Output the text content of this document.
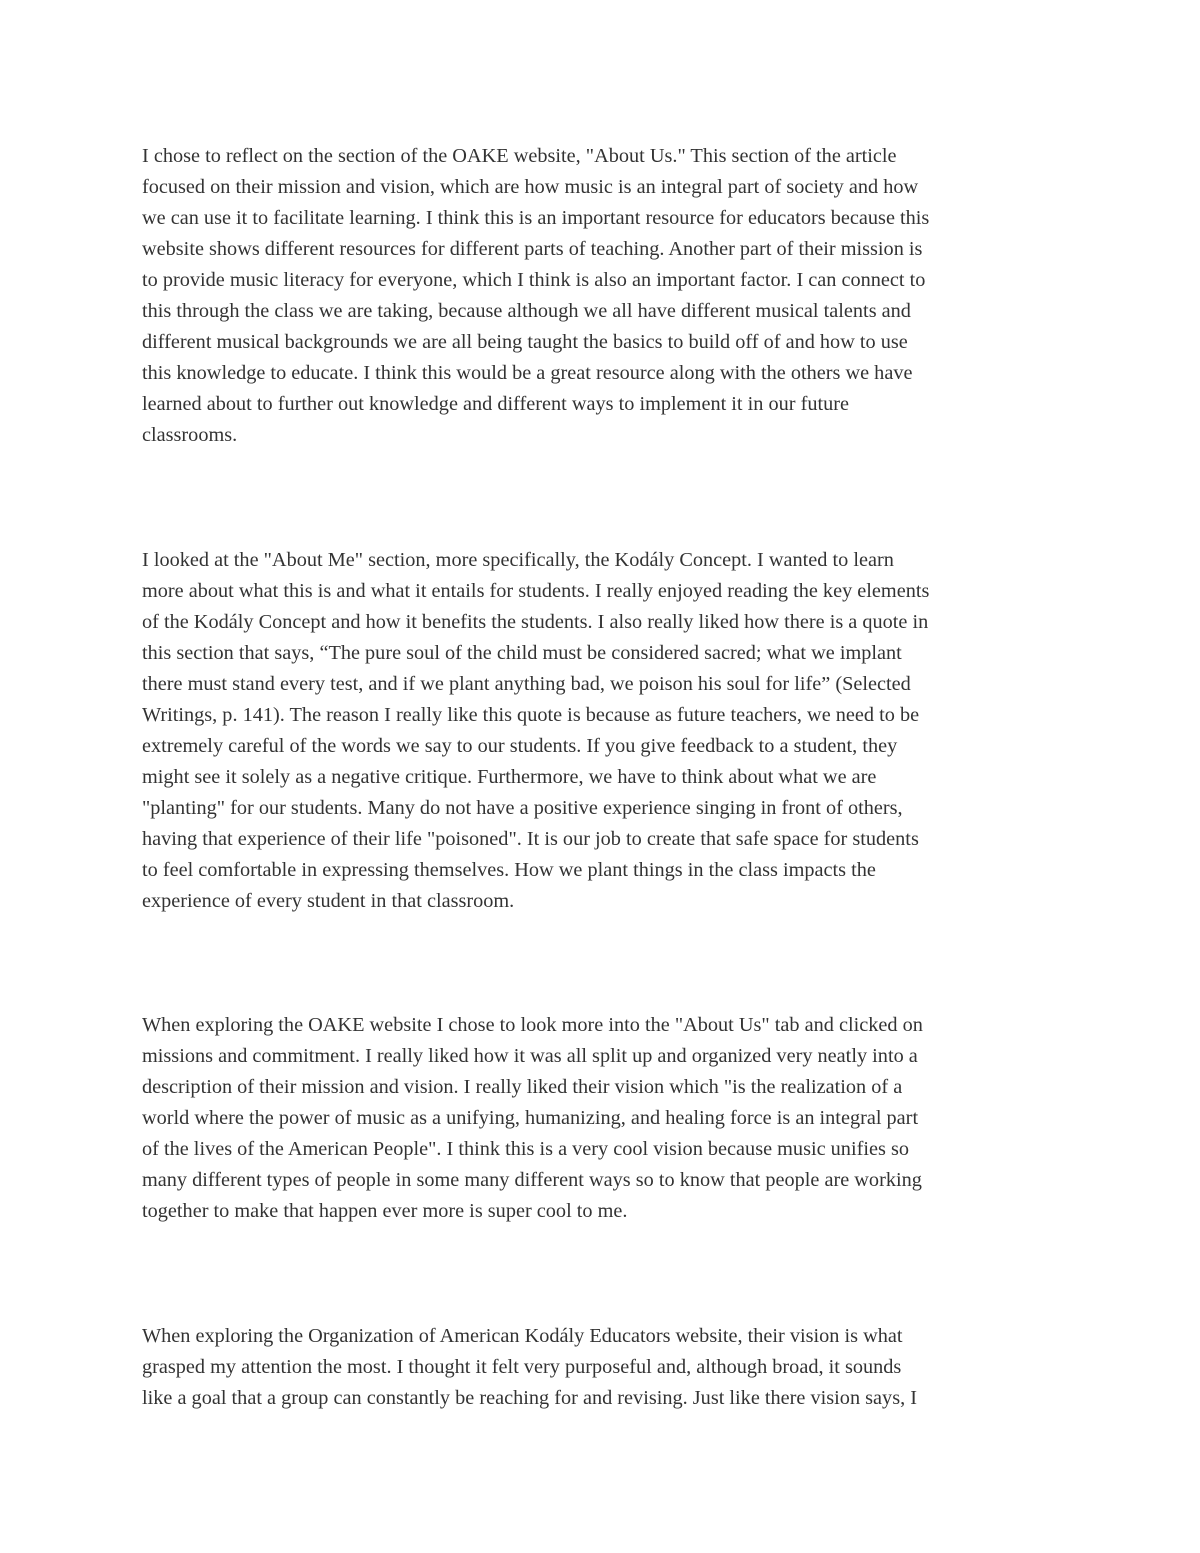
I chose to reflect on the section of the OAKE website, "About Us." This section of the article
focused on their mission and vision, which are how music is an integral part of society and how
we can use it to facilitate learning. I think this is an important resource for educators because this
website shows different resources for different parts of teaching. Another part of their mission is
to provide music literacy for everyone, which I think is also an important factor. I can connect to
this through the class we are taking, because although we all have different musical talents and
different musical backgrounds we are all being taught the basics to build off of and how to use
this knowledge to educate. I think this would be a great resource along with the others we have
learned about to further out knowledge and different ways to implement it in our future
classrooms.

I looked at the "About Me" section, more specifically, the Kodály Concept. I wanted to learn
more about what this is and what it entails for students. I really enjoyed reading the key elements
of the Kodály Concept and how it benefits the students. I also really liked how there is a quote in
this section that says, “The pure soul of the child must be considered sacred; what we implant
there must stand every test, and if we plant anything bad, we poison his soul for life” (Selected
Writings, p. 141). The reason I really like this quote is because as future teachers, we need to be
extremely careful of the words we say to our students. If you give feedback to a student, they
might see it solely as a negative critique. Furthermore, we have to think about what we are
"planting" for our students. Many do not have a positive experience singing in front of others,
having that experience of their life "poisoned". It is our job to create that safe space for students
to feel comfortable in expressing themselves. How we plant things in the class impacts the
experience of every student in that classroom.

When exploring the OAKE website I chose to look more into the "About Us" tab and clicked on
missions and commitment. I really liked how it was all split up and organized very neatly into a
description of their mission and vision. I really liked their vision which "is the realization of a
world where the power of music as a unifying, humanizing, and healing force is an integral part
of the lives of the American People". I think this is a very cool vision because music unifies so
many different types of people in some many different ways so to know that people are working
together to make that happen ever more is super cool to me.

When exploring the Organization of American Kodály Educators website, their vision is what
grasped my attention the most. I thought it felt very purposeful and, although broad, it sounds
like a goal that a group can constantly be reaching for and revising. Just like there vision says, I
